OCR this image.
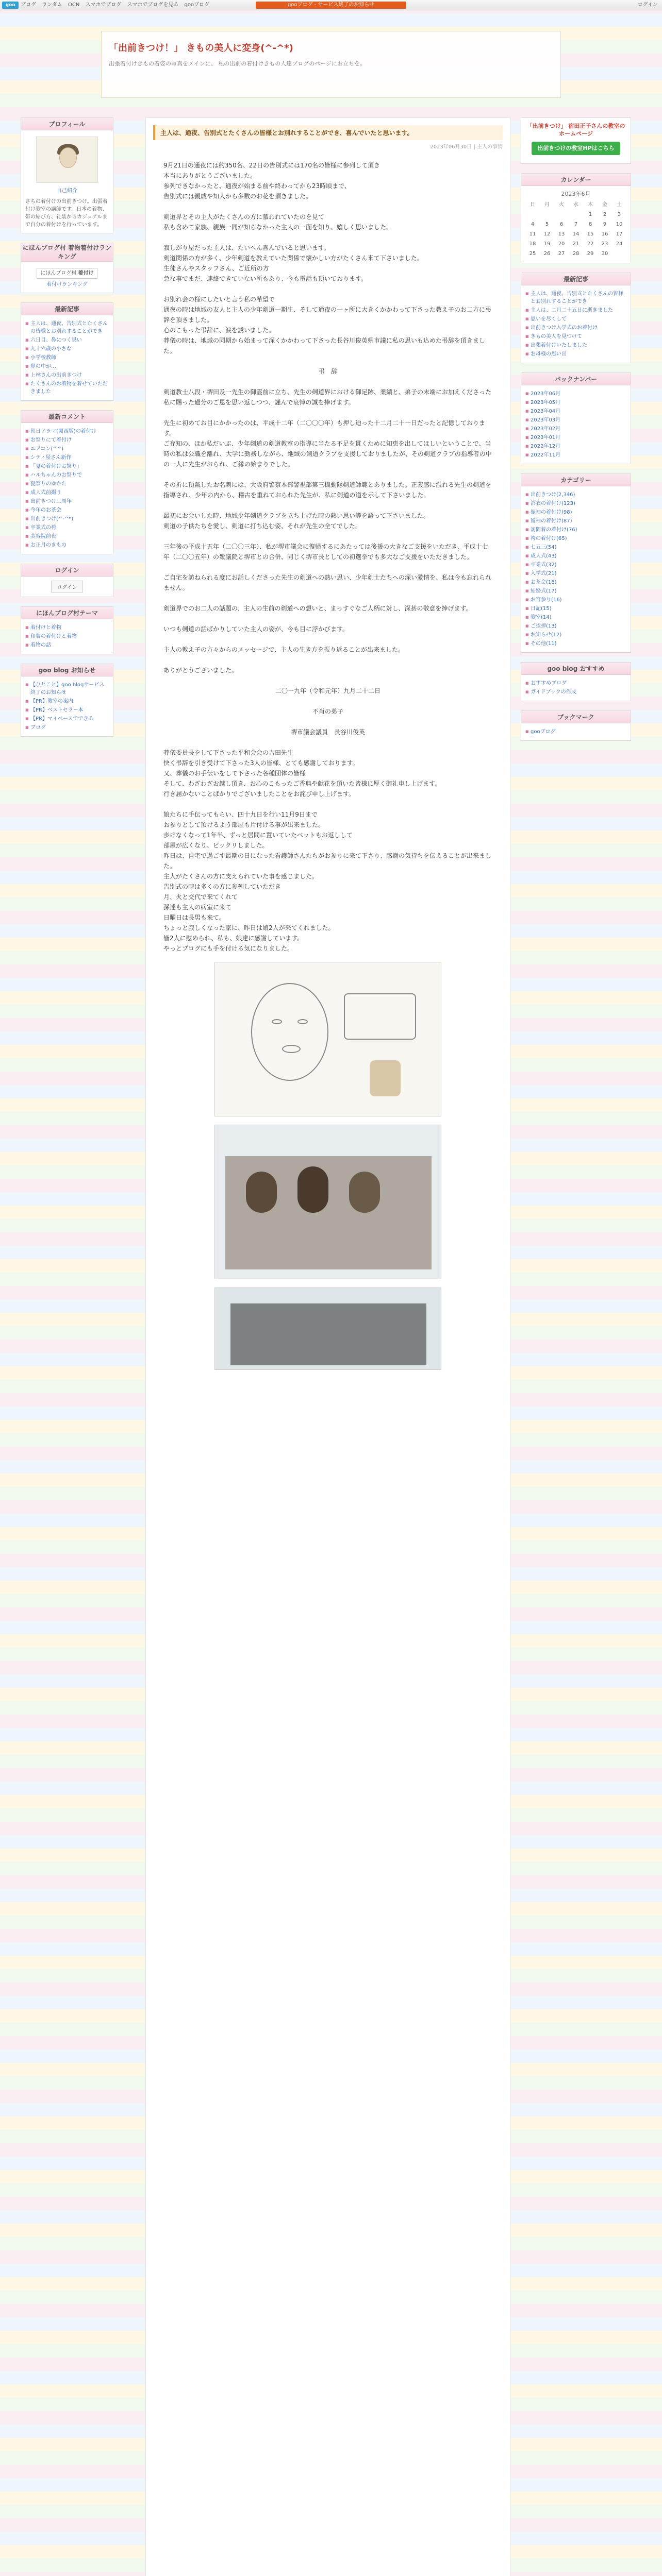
goo	ブログ ランダム OCN スマホでブログ スマホでブログを見る gooブログ	gooブログ - サービス終了のお知らせ	ログイン
「出前きつけ！」 きもの美人に変身(^-^*)
出張着付けきもの着姿の写真をメインに、 私の出前の着付けきもの人達ブログのページにお立ちを。
プロフィール
自己紹介
さちの着付けの出前きつけ。出張着付け教室の講師です。日本の着物、帯の結び方、礼装からカジュアルまで自分の着付けを行っています。
にほんブログ村 着物着付けランキング
にほんブログ村 着付け
着付けランキング
最新記事
■ 主人は、通夜、告別式とたくさんの皆様とお別れすることができ
■ 六日目、鼻につく臭い
■ 九十六歳の小さな
■ 小学校教師
■ 鼻の中が…
■ 上林さんの出前きつけ
■ たくさんのお着物を着せていただきました
最新コメント
■ 朝日ドラマ(関西版)の着付け
■ お祭りにて着付け
■ エアコン(^^)
■ シティ屋さん新作
■ 「夏の着付けお祭り」
■ ハルちゃんのお祭りで
■ 夏祭りのゆかた
■ 成人式前撮り
■ 出前きつけ三周年
■ 今年のお茶会
■ 出前きつけ(^-^*)
■ 卒業式の袴
■ 美容院前夜
■ お正月のきもの
ログイン
ログイン
にほんブログ村テーマ
■ 着付けと着物
■ 和装の着付けと着物
■ 着物の話
goo blog お知らせ
■ 【ひとこと】goo blogサービス終了のお知らせ
■ 【PR】教室の案内
■ 【PR】ベストセラー本
■ 【PR】マイペースでできる
■ ブログ
主人は、通夜、告別式とたくさんの皆様とお別れすることができ、喜んでいたと思います。
2023年06月30日 | 主人の事情

9月21日の通夜には約350名、22日の告別式には170名の皆様に参列して頂き

本当にありがとうございました。

参列できなかったと、通夜が始まる前や終わってから23時頃まで、

告別式には親戚や知人から多数のお花を頂きました。

剣道界とその主人がたくさんの方に慕われていたのを見て

私も含めて家族、親族一同が知らなかった主人の一面を知り、嬉しく思いました。

寂しがり屋だった主人は、たいへん喜んでいると思います。

剣道関係の方が多く、少年剣道を教えていた関係で懐かしい方がたくさん来て下さいました。

生徒さんやスタッフさん、ご近所の方

急な事でまだ、連絡できていない所もあり、今も電話も頂いております。

お別れ会の様にしたいと言う私の希望で

通夜の時は地域の友人と主人の少年剣道一期生、そして通夜の一ヶ所に大きくかかわって下さった教え子のお二方に弔辞を頂きました。

心のこもった弔辞に、涙を誘いました。

葬儀の時は、地域の同期から始まって深くかかわって下さった長谷川俊英県市議に私の思いも込めた弔辞を頂きました。

弔　辞

剣道教士八段・堺田及一先生の御霊前に立ち、先生の剣道界における御足跡、業績と、弟子の末端にお加えくださった私に賜った過分のご恩を思い返しつつ、謹んで哀悼の誠を捧げます。

先生に初めてお目にかかったのは、平成十二年（二〇〇〇年）も押し迫った十二月二十一日だったと記憶しております。

ご存知の、ほか私だいぶ、少年剣道の剣道教室の指導に当たる不足を貫くために知恵を出してほしいということで、当時の私は公職を離れ、大学に勤務しながら、地域の剣道クラブを支援しておりましたが、その剣道クラブの指導者の中の一人に先生がおられ、ご縁の始まりでした。

その折に頂戴したお名刺には、大阪府警察本部警視部第三機動隊剣道師範とありました。正義感に溢れる先生の剣道を指導され、少年の内から、稽古を重ねておられた先生が、私に剣道の道を示して下さいました。

最初にお会いした時、地域少年剣道クラブを立ち上げた時の熱い思い等を語って下さいました。

剣道の子供たちを愛し、剣道に打ち込む姿、それが先生の全てでした。

三年後の平成十五年（二〇〇三年）、私が堺市議会に復帰するにあたっては後援の大きなご支援をいただき、平成十七年（二〇〇五年）の衆議院と堺市との合併、同じく堺市長としての初選挙でも多大なご支援をいただきました。

ご自宅を訪ねられる度にお話しくださった先生の剣道への熱い思い、少年剣士たちへの深い愛情を、私は今も忘れられません。

剣道界でのお二人の話題の、主人の生前の剣道への想いと、まっすぐなご人柄に対し、深甚の敬意を捧げます。

いつも剣道の話ばかりしていた主人の姿が、今も目に浮かびます。

主人の教え子の方々からのメッセージで、主人の生き方を振り返ることが出来ました。

ありがとうございました。

二〇一九年（令和元年）九月二十二日

不肖の弟子

堺市議会議員　長谷川俊英

葬儀委員長をして下さった平和会会の吉田先生

快く弔辞を引き受けて下さった3人の皆様、とても感謝しております。

又、葬儀のお手伝いをして下さった各種団体の皆様

そして、わざわざお越し頂き、お心のこもったご香典や献花を頂いた皆様に厚く御礼申し上げます。

行き届かないことばかりでございましたことをお詫び申し上げます。

娘たちに手伝ってもらい、四十九日を行い11月9日まで

お参りとして頂けるよう部屋も片付ける事が出来ました。

歩けなくなって1年半、ずっと居間に置いていたベットもお返しして

部屋が広くなり、ビックリしました。

昨日は、自宅で過ごす最期の日になった看護師さんたちがお参りに来て下さり、感謝の気持ちを伝えることが出来ました。

主人がたくさんの方に支えられていた事を感じました。

告別式の時は多くの方に参列していただき

月、火と交代で来てくれて

孫達も主人の病室に来て

日曜日は長男も来て。

ちょっと寂しくなった家に、昨日は娘2人が来てくれました。

皆2人に慰められ、私も、娘達に感謝しています。

やっとブログにも手を付ける気になりました。

「出前きつけ」 宿田正子さんの教室のホームページ
出前きつけの教室HPはこちら
カレンダー
2023年6月
日	月	火	水	木	金	土
				1	2	3
4	5	6	7	8	9	10
11	12	13	14	15	16	17
18	19	20	21	22	23	24
25	26	27	28	29	30	
最新記事
■ 主人は、通夜、告別式とたくさんの皆様とお別れすることができ
■ 主人は、二月二十五日に逝きました
■ 思いを尽くして
■ 出前きつけ入学式のお着付け
■ きもの美人を見つけて
■ 出張着付けいたしました
■ お母様の思い出
バックナンバー
■ 2023年06月
■ 2023年05月
■ 2023年04月
■ 2023年03月
■ 2023年02月
■ 2023年01月
■ 2022年12月
■ 2022年11月
カテゴリー
■ 出前きつけ(2,346)
■ 浴衣の着付け(123)
■ 振袖の着付け(98)
■ 留袖の着付け(87)
■ 訪問着の着付け(76)
■ 袴の着付け(65)
■ 七五三(54)
■ 成人式(43)
■ 卒業式(32)
■ 入学式(21)
■ お茶会(18)
■ 結婚式(17)
■ お宮参り(16)
■ 日記(15)
■ 教室(14)
■ ご挨拶(13)
■ お知らせ(12)
■ その他(11)
goo blog おすすめ
■ おすすめブログ
■ ガイドブックの作成
ブックマーク
■ gooブログ
